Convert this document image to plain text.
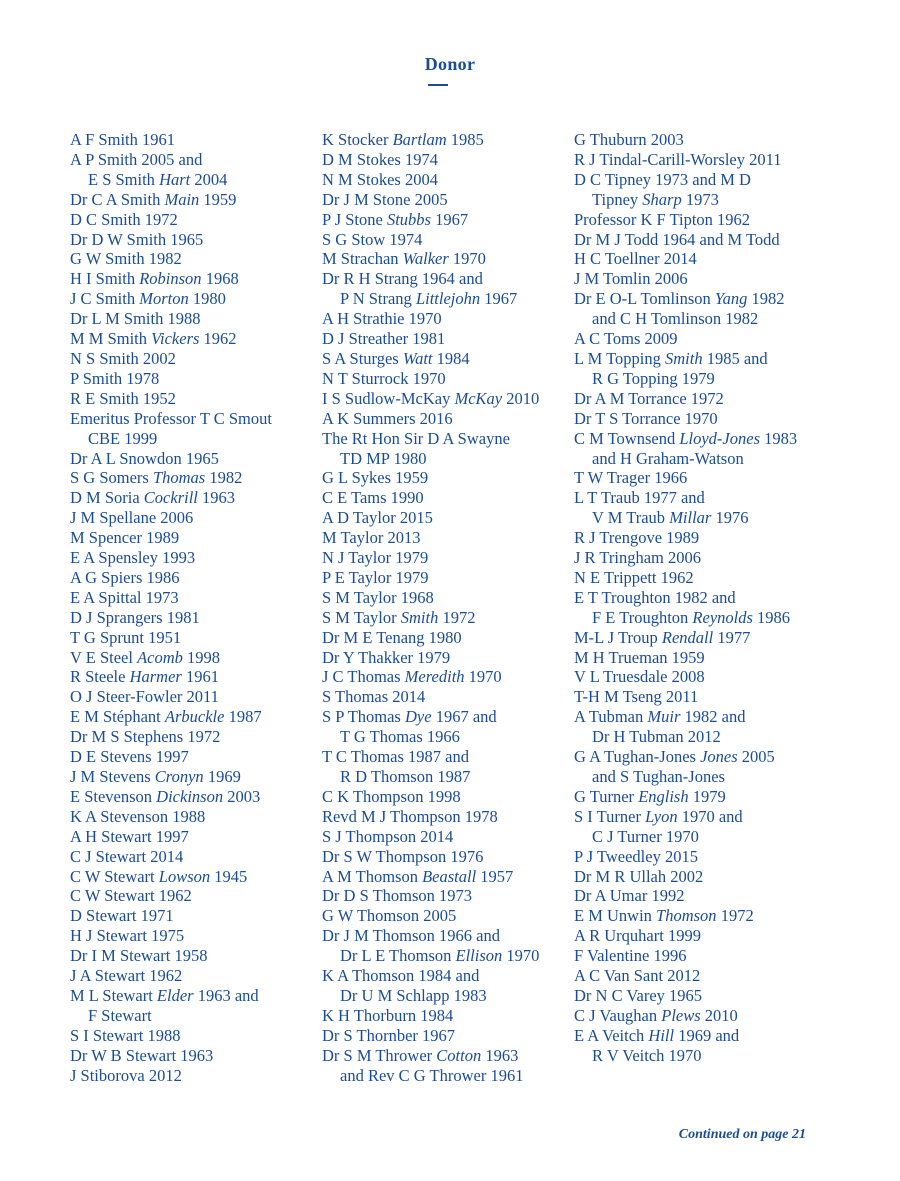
Donor
A F Smith 1961
A P Smith 2005 and
E S Smith Hart 2004
Dr C A Smith Main 1959
D C Smith 1972
Dr D W Smith 1965
G W Smith 1982
H I Smith Robinson 1968
J C Smith Morton 1980
Dr L M Smith 1988
M M Smith Vickers 1962
N S Smith 2002
P Smith 1978
R E Smith 1952
Emeritus Professor T C Smout
CBE 1999
Dr A L Snowdon 1965
S G Somers Thomas 1982
D M Soria Cockrill 1963
J M Spellane 2006
M Spencer 1989
E A Spensley 1993
A G Spiers 1986
E A Spittal 1973
D J Sprangers 1981
T G Sprunt 1951
V E Steel Acomb 1998
R Steele Harmer 1961
O J Steer-Fowler 2011
E M Stéphant Arbuckle 1987
Dr M S Stephens 1972
D E Stevens 1997
J M Stevens Cronyn 1969
E Stevenson Dickinson 2003
K A Stevenson 1988
A H Stewart 1997
C J Stewart 2014
C W Stewart Lowson 1945
C W Stewart 1962
D Stewart 1971
H J Stewart 1975
Dr I M Stewart 1958
J A Stewart 1962
M L Stewart Elder 1963 and
F Stewart
S I Stewart 1988
Dr W B Stewart 1963
J Stiborova 2012
K Stocker Bartlam 1985
D M Stokes 1974
N M Stokes 2004
Dr J M Stone 2005
P J Stone Stubbs 1967
S G Stow 1974
M Strachan Walker 1970
Dr R H Strang 1964 and
P N Strang Littlejohn 1967
A H Strathie 1970
D J Streather 1981
S A Sturges Watt 1984
N T Sturrock 1970
I S Sudlow-McKay McKay 2010
A K Summers 2016
The Rt Hon Sir D A Swayne
TD MP 1980
G L Sykes 1959
C E Tams 1990
A D Taylor 2015
M Taylor 2013
N J Taylor 1979
P E Taylor 1979
S M Taylor 1968
S M Taylor Smith 1972
Dr M E Tenang 1980
Dr Y Thakker 1979
J C Thomas Meredith 1970
S Thomas 2014
S P Thomas Dye 1967 and
T G Thomas 1966
T C Thomas 1987 and
R D Thomson 1987
C K Thompson 1998
Revd M J Thompson 1978
S J Thompson 2014
Dr S W Thompson 1976
A M Thomson Beastall 1957
Dr D S Thomson 1973
G W Thomson 2005
Dr J M Thomson 1966 and
Dr L E Thomson Ellison 1970
K A Thomson 1984 and
Dr U M Schlapp 1983
K H Thorburn 1984
Dr S Thornber 1967
Dr S M Thrower Cotton 1963
and Rev C G Thrower 1961
G Thuburn 2003
R J Tindal-Carill-Worsley 2011
D C Tipney 1973 and M D
Tipney Sharp 1973
Professor K F Tipton 1962
Dr M J Todd 1964 and M Todd
H C Toellner 2014
J M Tomlin 2006
Dr E O-L Tomlinson Yang 1982
and C H Tomlinson 1982
A C Toms 2009
L M Topping Smith 1985 and
R G Topping 1979
Dr A M Torrance 1972
Dr T S Torrance 1970
C M Townsend Lloyd-Jones 1983
and H Graham-Watson
T W Trager 1966
L T Traub 1977 and
V M Traub Millar 1976
R J Trengove 1989
J R Tringham 2006
N E Trippett 1962
E T Troughton 1982 and
F E Troughton Reynolds 1986
M-L J Troup Rendall 1977
M H Trueman 1959
V L Truesdale 2008
T-H M Tseng 2011
A Tubman Muir 1982 and
Dr H Tubman 2012
G A Tughan-Jones Jones 2005
and S Tughan-Jones
G Turner English 1979
S I Turner Lyon 1970 and
C J Turner 1970
P J Tweedley 2015
Dr M R Ullah 2002
Dr A Umar 1992
E M Unwin Thomson 1972
A R Urquhart 1999
F Valentine 1996
A C Van Sant 2012
Dr N C Varey 1965
C J Vaughan Plews 2010
E A Veitch Hill 1969 and
R V Veitch 1970
Continued on page 21
